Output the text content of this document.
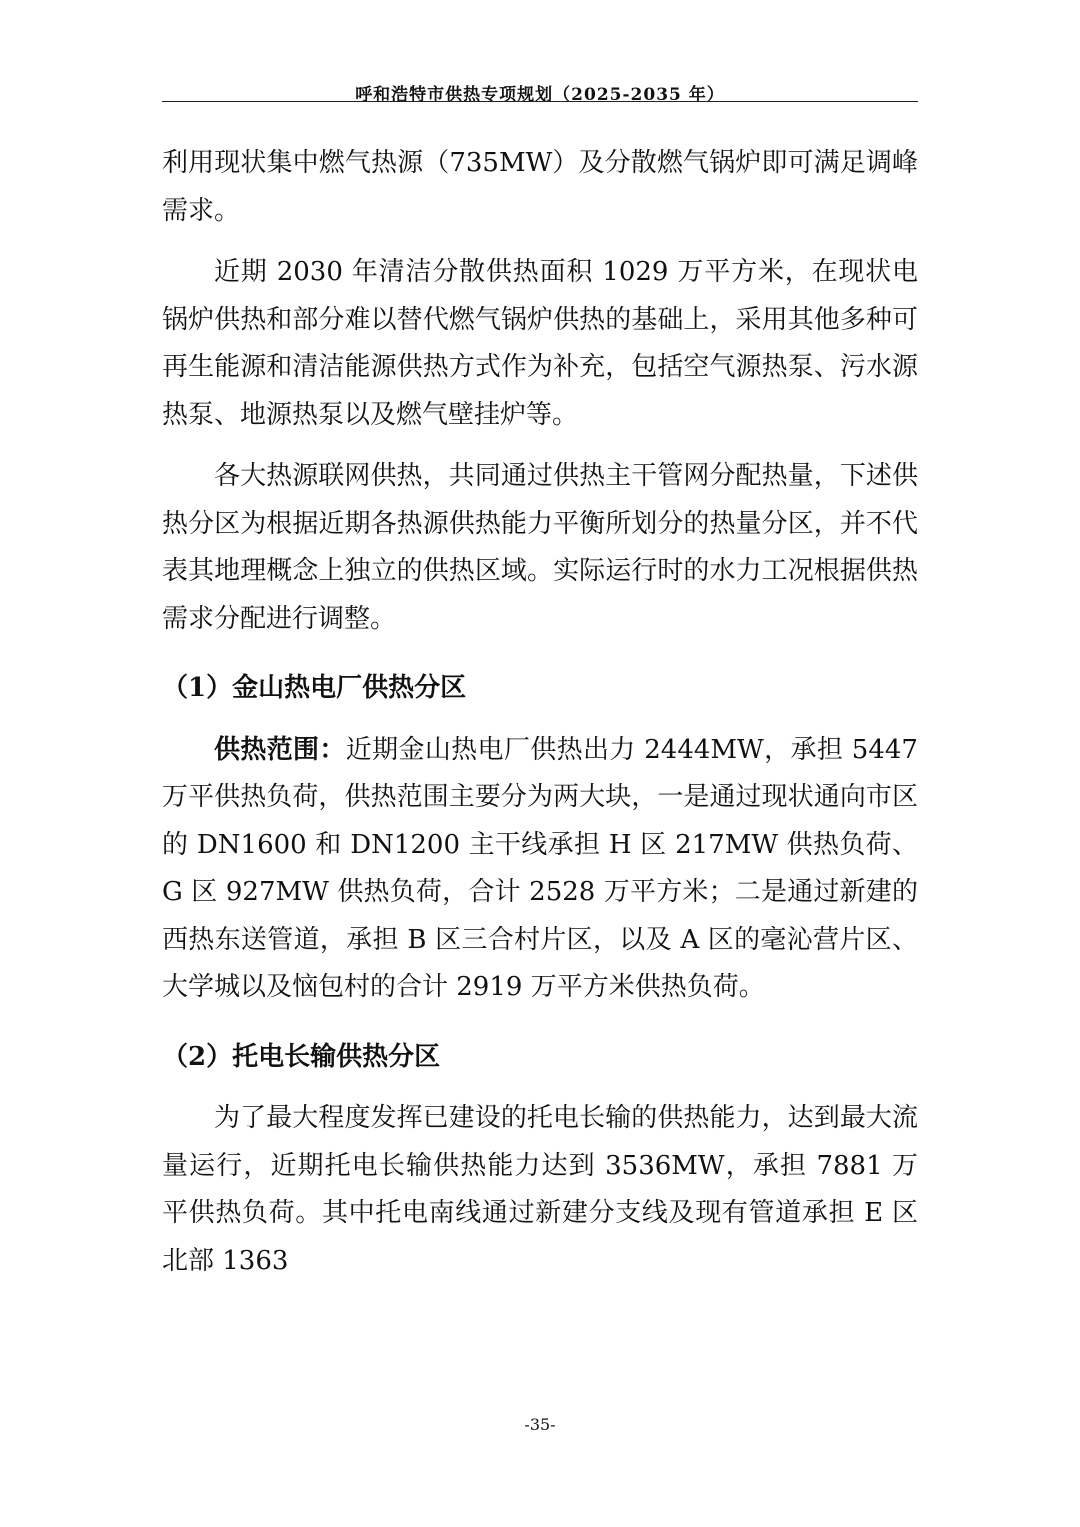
呼和浩特市供热专项规划（2025-2035 年）

利用现状集中燃气热源（735MW）及分散燃气锅炉即可满足调峰需求。

近期 2030 年清洁分散供热面积 1029 万平方米，在现状电锅炉供热和部分难以替代燃气锅炉供热的基础上，采用其他多种可再生能源和清洁能源供热方式作为补充，包括空气源热泵、污水源热泵、地源热泵以及燃气壁挂炉等。

各大热源联网供热，共同通过供热主干管网分配热量，下述供热分区为根据近期各热源供热能力平衡所划分的热量分区，并不代表其地理概念上独立的供热区域。实际运行时的水力工况根据供热需求分配进行调整。

（1）金山热电厂供热分区

供热范围：近期金山热电厂供热出力 2444MW，承担 5447 万平供热负荷，供热范围主要分为两大块，一是通过现状通向市区的 DN1600 和 DN1200 主干线承担 H 区 217MW 供热负荷、G 区 927MW 供热负荷，合计 2528 万平方米；二是通过新建的西热东送管道，承担 B 区三合村片区，以及 A 区的毫沁营片区、大学城以及恼包村的合计 2919 万平方米供热负荷。

（2）托电长输供热分区

为了最大程度发挥已建设的托电长输的供热能力，达到最大流量运行，近期托电长输供热能力达到 3536MW，承担 7881 万平供热负荷。其中托电南线通过新建分支线及现有管道承担 E 区北部 1363

-35-
